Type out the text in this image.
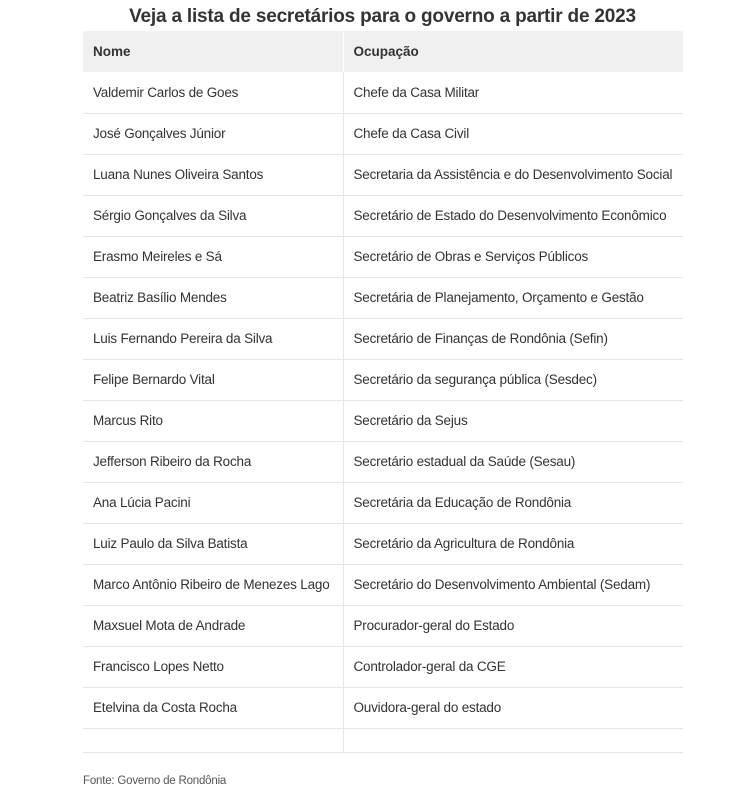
Veja a lista de secretários para o governo a partir de 2023
Nome	Ocupação
Valdemir Carlos de Goes	Chefe da Casa Militar
José Gonçalves Júnior	Chefe da Casa Civil
Luana Nunes Oliveira Santos	Secretaria da Assistência e do Desenvolvimento Social
Sérgio Gonçalves da Silva	Secretário de Estado do Desenvolvimento Econômico
Erasmo Meireles e Sá	Secretário de Obras e Serviços Públicos
Beatriz Basílio Mendes	Secretária de Planejamento, Orçamento e Gestão
Luis Fernando Pereira da Silva	Secretário de Finanças de Rondônia (Sefin)
Felipe Bernardo Vital	Secretário da segurança pública (Sesdec)
Marcus Rito	Secretário da Sejus
Jefferson Ribeiro da Rocha	Secretário estadual da Saúde (Sesau)
Ana Lúcia Pacini	Secretária da Educação de Rondônia
Luiz Paulo da Silva Batista	Secretário da Agricultura de Rondônia
Marco Antônio Ribeiro de Menezes Lago	Secretário do Desenvolvimento Ambiental (Sedam)
Maxsuel Mota de Andrade	Procurador-geral do Estado
Francisco Lopes Netto	Controlador-geral da CGE
Etelvina da Costa Rocha	Ouvidora-geral do estado

Fonte: Governo de Rondônia
